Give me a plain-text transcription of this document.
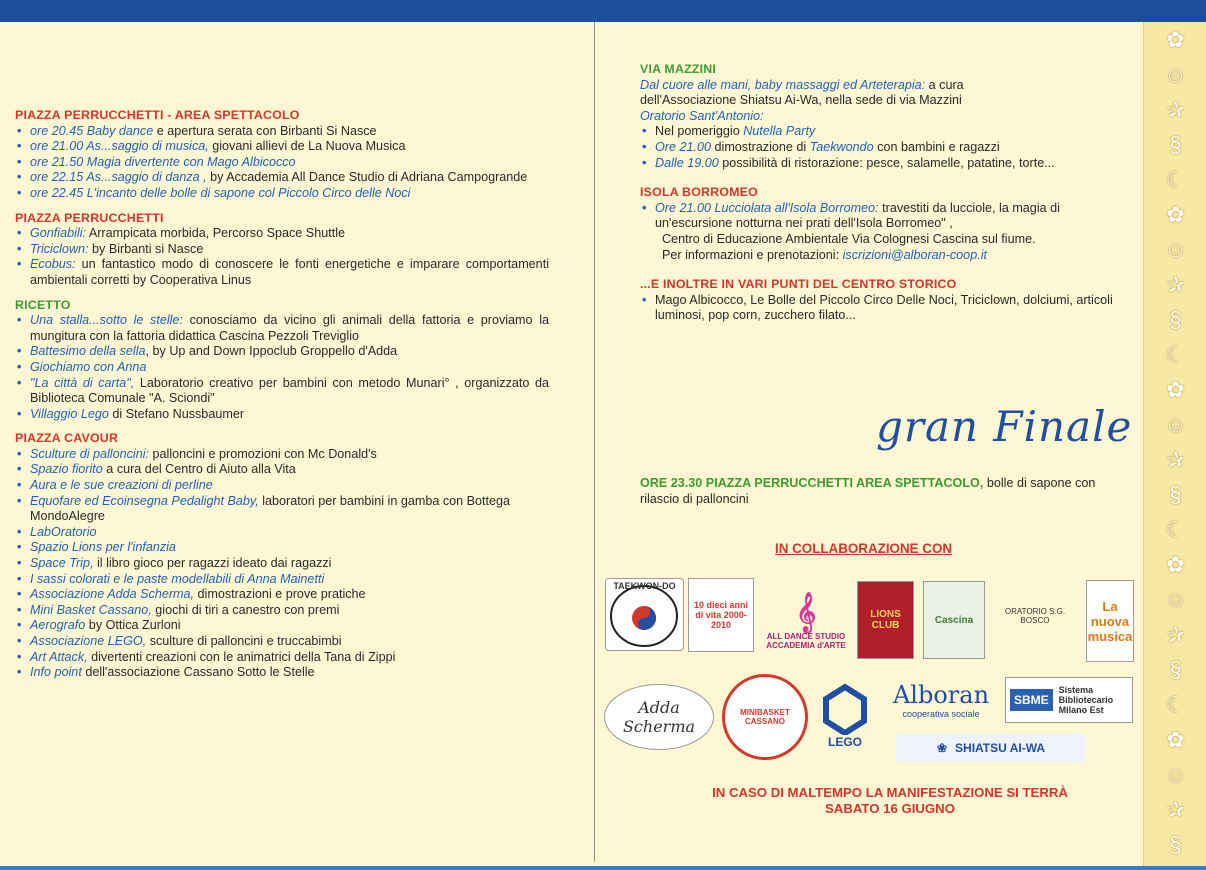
✿
☺
✰
§
☾
✿
☺
✰
§
☾
✿
☺
✰
§
☾
✿
☺
✰
§
☾
✿
☺
✰
§
PIAZZA PERRUCCHETTI - AREA SPETTACOLO
• ore 20.45 Baby dance e apertura serata con Birbanti Si Nasce
• ore 21.00 As...saggio di musica, giovani allievi de La Nuova Musica
• ore 21.50 Magia divertente con Mago Albicocco
• ore 22.15 As...saggio di danza , by Accademia All Dance Studio di Adriana Campogrande
• ore 22.45 L'incanto delle bolle di sapone col Piccolo Circo delle Noci
PIAZZA PERRUCCHETTI
• Gonfiabili: Arrampicata morbida, Percorso Space Shuttle
• Triciclown: by Birbanti si Nasce
• Ecobus: un fantastico modo di conoscere le fonti energetiche e imparare comportamenti ambientali corretti by Cooperativa Linus
RICETTO
• Una stalla...sotto le stelle: conosciamo da vicino gli animali della fattoria e proviamo la mungitura con la fattoria didattica Cascina Pezzoli Treviglio
• Battesimo della sella, by Up and Down Ippoclub Groppello d'Adda
• Giochiamo con Anna
• "La città di carta", Laboratorio creativo per bambini con metodo Munari° , organizzato da Biblioteca Comunale "A. Sciondi"
• Villaggio Lego di Stefano Nussbaumer
PIAZZA CAVOUR
• Sculture di palloncini: palloncini e promozioni con Mc Donald's
• Spazio fiorito a cura del Centro di Aiuto alla Vita
• Aura e le sue creazioni di perline
• Equofare ed Ecoinsegna Pedalight Baby, laboratori per bambini in gamba con Bottega MondoAlegre
• LabOratorio
• Spazio Lions per l'infanzia
• Space Trip, il libro gioco per ragazzi ideato dai ragazzi
• I sassi colorati e le paste modellabili di Anna Mainetti
• Associazione Adda Scherma, dimostrazioni e prove pratiche
• Mini Basket Cassano, giochi di tiri a canestro con premi
• Aerografo by Ottica Zurloni
• Associazione LEGO, sculture di palloncini e truccabimbi
• Art Attack, divertenti creazioni con le animatrici della Tana di Zippi
• Info point dell'associazione Cassano Sotto le Stelle
VIA MAZZINI
Dal cuore alle mani, baby massaggi ed Arteterapia: a cura
dell'Associazione Shiatsu Ai-Wa, nella sede di via Mazzini
Oratorio Sant'Antonio:
• Nel pomeriggio Nutella Party
• Ore 21.00 dimostrazione di Taekwondo con bambini e ragazzi
• Dalle 19.00 possibilità di ristorazione: pesce, salamelle, patatine, torte...
ISOLA BORROMEO
• Ore 21.00 Lucciolata all'Isola Borromeo: travestiti da lucciole, la magia di un'escursione notturna nei prati dell'Isola Borromeo" ,
Centro di Educazione Ambientale Via Colognesi Cascina sul fiume.
Per informazioni e prenotazioni: iscrizioni@alboran-coop.it
...E INOLTRE IN VARI PUNTI DEL CENTRO STORICO
• Mago Albicocco, Le Bolle del Piccolo Circo Delle Noci, Triciclown, dolciumi, articoli luminosi, pop corn, zucchero filato...
gran Finale
ORE 23.30 PIAZZA PERRUCCHETTI AREA SPETTACOLO, bolle di sapone con rilascio di palloncini
IN COLLABORAZIONE CON
TAEKWON-DO
10 dieci anni di vita 2000-2010	𝄞
ALL DANCE STUDIO ACCADEMIA d'ARTE
LIONS CLUB	Cascina
ORATORIO S.G. BOSCO
La nuova musica
Adda Scherma
MINIBASKET CASSANO
LEGO
Alboran
cooperativa sociale
SBME
Sistema Bibliotecario Milano Est
❀ SHIATSU AI-WA
IN CASO DI MALTEMPO LA MANIFESTAZIONE SI TERRÀ
SABATO 16 GIUGNO
